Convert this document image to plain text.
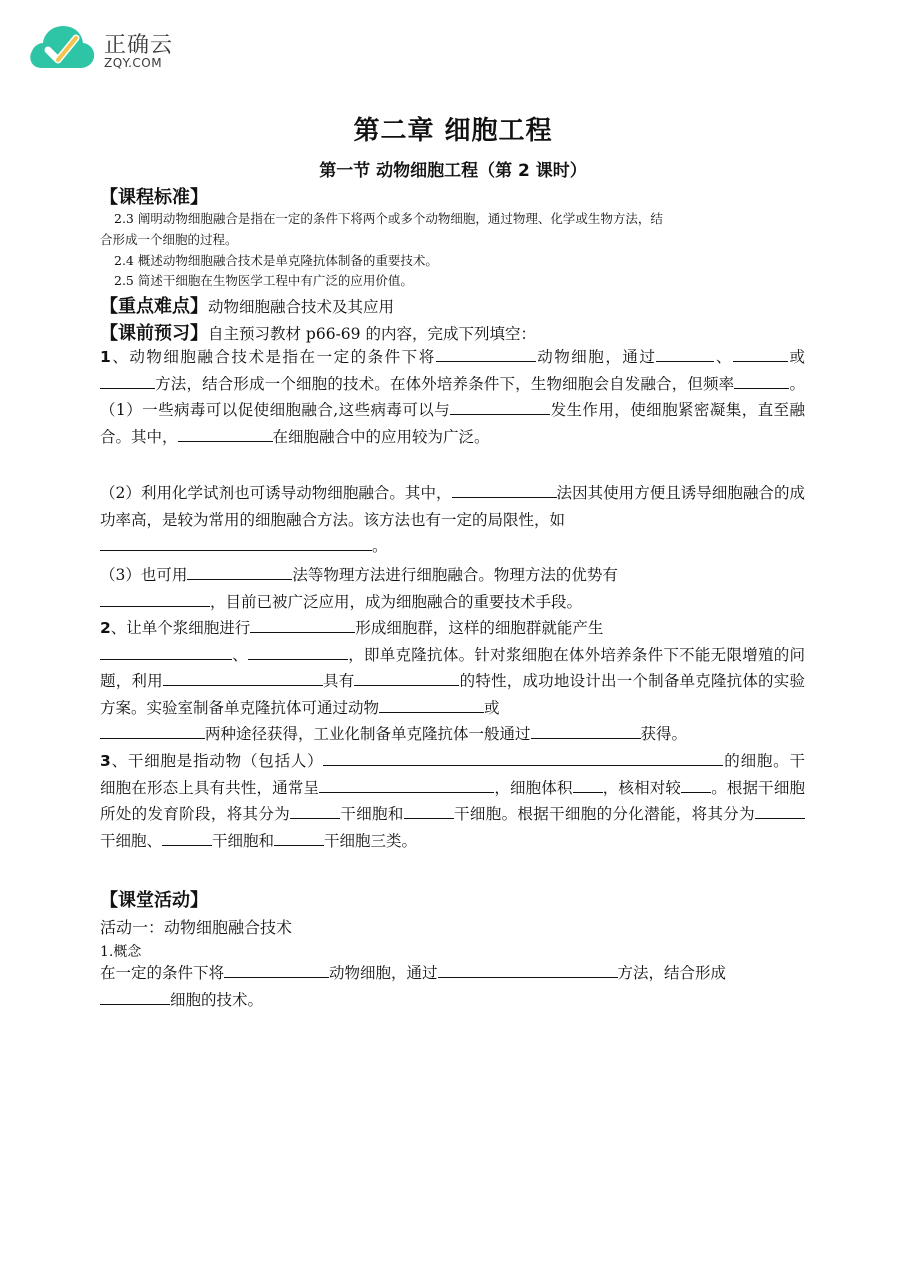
正确云
ZQY.COM
第二章 细胞工程
第一节 动物细胞工程（第 2 课时）
【课程标准】
2.3 阐明动物细胞融合是指在一定的条件下将两个或多个动物细胞，通过物理、化学或生物方法，结
合形成一个细胞的过程。
2.4 概述动物细胞融合技术是单克隆抗体制备的重要技术。
2.5 简述干细胞在生物医学工程中有广泛的应用价值。
【重点难点】动物细胞融合技术及其应用
【课前预习】自主预习教材 p66-69 的内容，完成下列填空：
1、动物细胞融合技术是指在一定的条件下将	动物细胞，通过	、	或方法，结合形成一个细胞的技术。在体外培养条件下，生物细胞会自发融合，但频率	。（1）一些病毒可以促使细胞融合,这些病毒可以与	发生作用，使细胞紧密凝集，直至融合。其中，	在细胞融合中的应用较为广泛。
（2）利用化学试剂也可诱导动物细胞融合。其中，	法因其使用方便且诱导细胞融合的成功率高，是较为常用的细胞融合方法。该方法也有一定的局限性，如
。
（3）也可用	法等物理方法进行细胞融合。物理方法的优势有
，目前已被广泛应用，成为细胞融合的重要技术手段。
2、让单个浆细胞进行	形成细胞群，这样的细胞群就能产生
、	，即单克隆抗体。针对浆细胞在体外培养条件下不能无限增殖的问题，利用	具有	的特性，成功地设计出一个制备单克隆抗体的实验方案。实验室制备单克隆抗体可通过动物	或
两种途径获得，工业化制备单克隆抗体一般通过	获得。
3、干细胞是指动物（包括人）	的细胞。干细胞在形态上具有共性，通常呈	，细胞体积 ，核相对较 。根据干细胞所处的发育阶段，将其分为	干细胞和	干细胞。根据干细胞的分化潜能，将其分为干细胞、	干细胞和	干细胞三类。
【课堂活动】
活动一：动物细胞融合技术
1.概念
在一定的条件下将	动物细胞，通过	方法，结合形成
细胞的技术。
